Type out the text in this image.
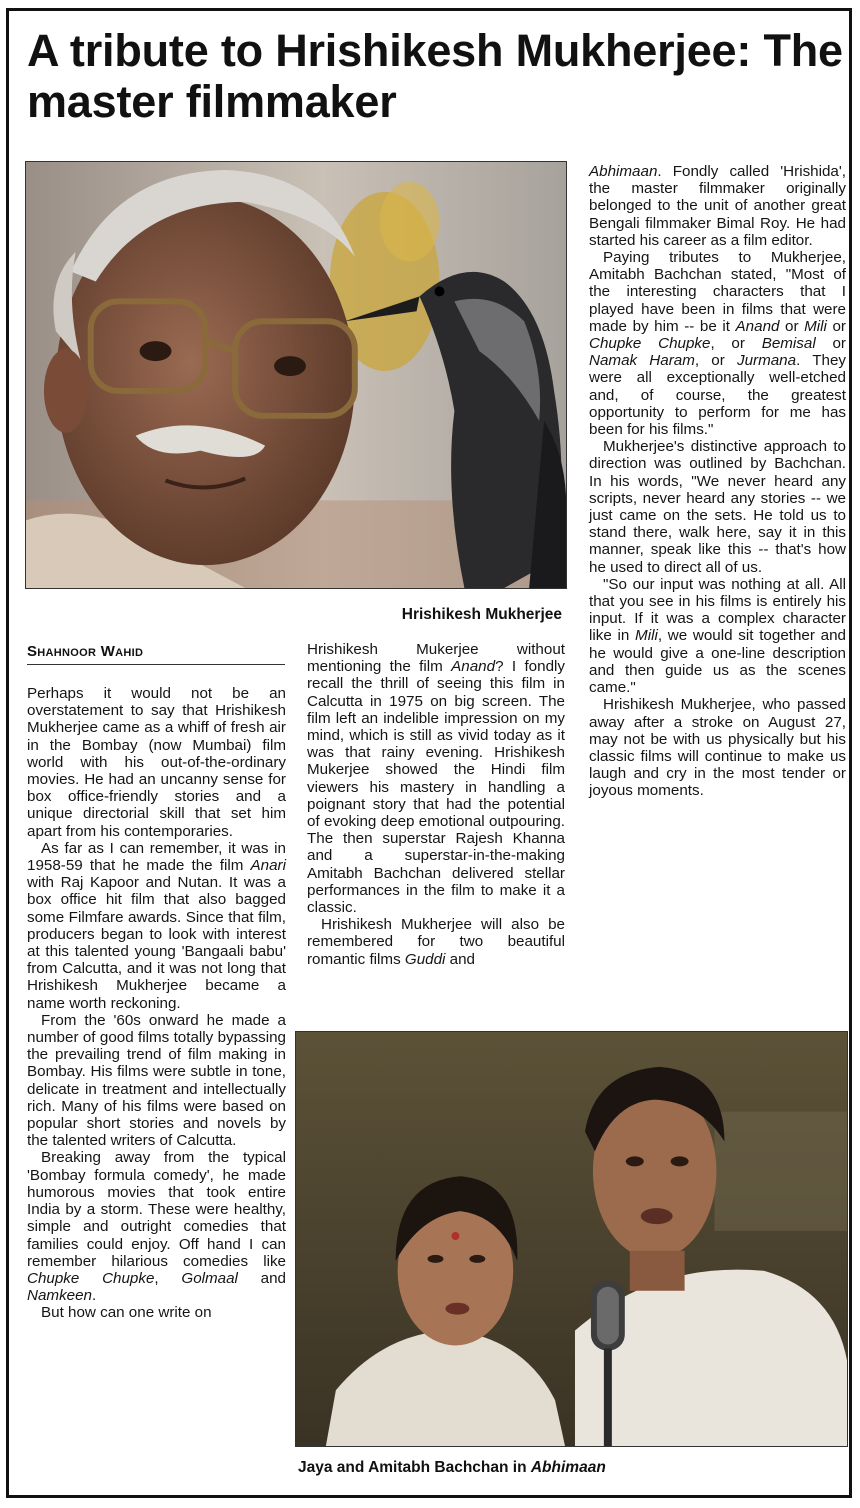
A tribute to Hrishikesh Mukherjee: The master filmmaker
Hrishikesh Mukherjee
Shahnoor Wahid

Perhaps it would not be an overstatement to say that Hrishikesh Mukherjee came as a whiff of fresh air in the Bombay (now Mumbai) film world with his out-of-the-ordinary movies. He had an uncanny sense for box office-friendly stories and a unique directorial skill that set him apart from his contemporaries.

As far as I can remember, it was in 1958-59 that he made the film Anari with Raj Kapoor and Nutan. It was a box office hit film that also bagged some Filmfare awards. Since that film, producers began to look with interest at this talented young 'Bangaali babu' from Calcutta, and it was not long that Hrishikesh Mukherjee became a name worth reckoning.

From the '60s onward he made a number of good films totally bypassing the prevailing trend of film making in Bombay. His films were subtle in tone, delicate in treatment and intellectually rich. Many of his films were based on popular short stories and novels by the talented writers of Calcutta.

Breaking away from the typical 'Bombay formula comedy', he made humorous movies that took entire India by a storm. These were healthy, simple and outright comedies that families could enjoy. Off hand I can remember hilarious comedies like Chupke Chupke, Golmaal and Namkeen.

But how can one write on

Hrishikesh Mukerjee without mentioning the film Anand? I fondly recall the thrill of seeing this film in Calcutta in 1975 on big screen. The film left an indelible impression on my mind, which is still as vivid today as it was that rainy evening. Hrishikesh Mukerjee showed the Hindi film viewers his mastery in handling a poignant story that had the potential of evoking deep emotional outpouring. The then superstar Rajesh Khanna and a superstar-in-the-making Amitabh Bachchan delivered stellar performances in the film to make it a classic.

Hrishikesh Mukherjee will also be remembered for two beautiful romantic films Guddi and

Abhimaan. Fondly called 'Hrishida', the master filmmaker originally belonged to the unit of another great Bengali filmmaker Bimal Roy. He had started his career as a film editor.

Paying tributes to Mukherjee, Amitabh Bachchan stated, "Most of the interesting characters that I played have been in films that were made by him -- be it Anand or Mili or Chupke Chupke, or Bemisal or Namak Haram, or Jurmana. They were all exceptionally well-etched and, of course, the greatest opportunity to perform for me has been for his films."

Mukherjee's distinctive approach to direction was outlined by Bachchan. In his words, "We never heard any scripts, never heard any stories -- we just came on the sets. He told us to stand there, walk here, say it in this manner, speak like this -- that's how he used to direct all of us.

"So our input was nothing at all. All that you see in his films is entirely his input. If it was a complex character like in Mili, we would sit together and he would give a one-line description and then guide us as the scenes came."

Hrishikesh Mukherjee, who passed away after a stroke on August 27, may not be with us physically but his classic films will continue to make us laugh and cry in the most tender or joyous moments.

Jaya and Amitabh Bachchan in Abhimaan
